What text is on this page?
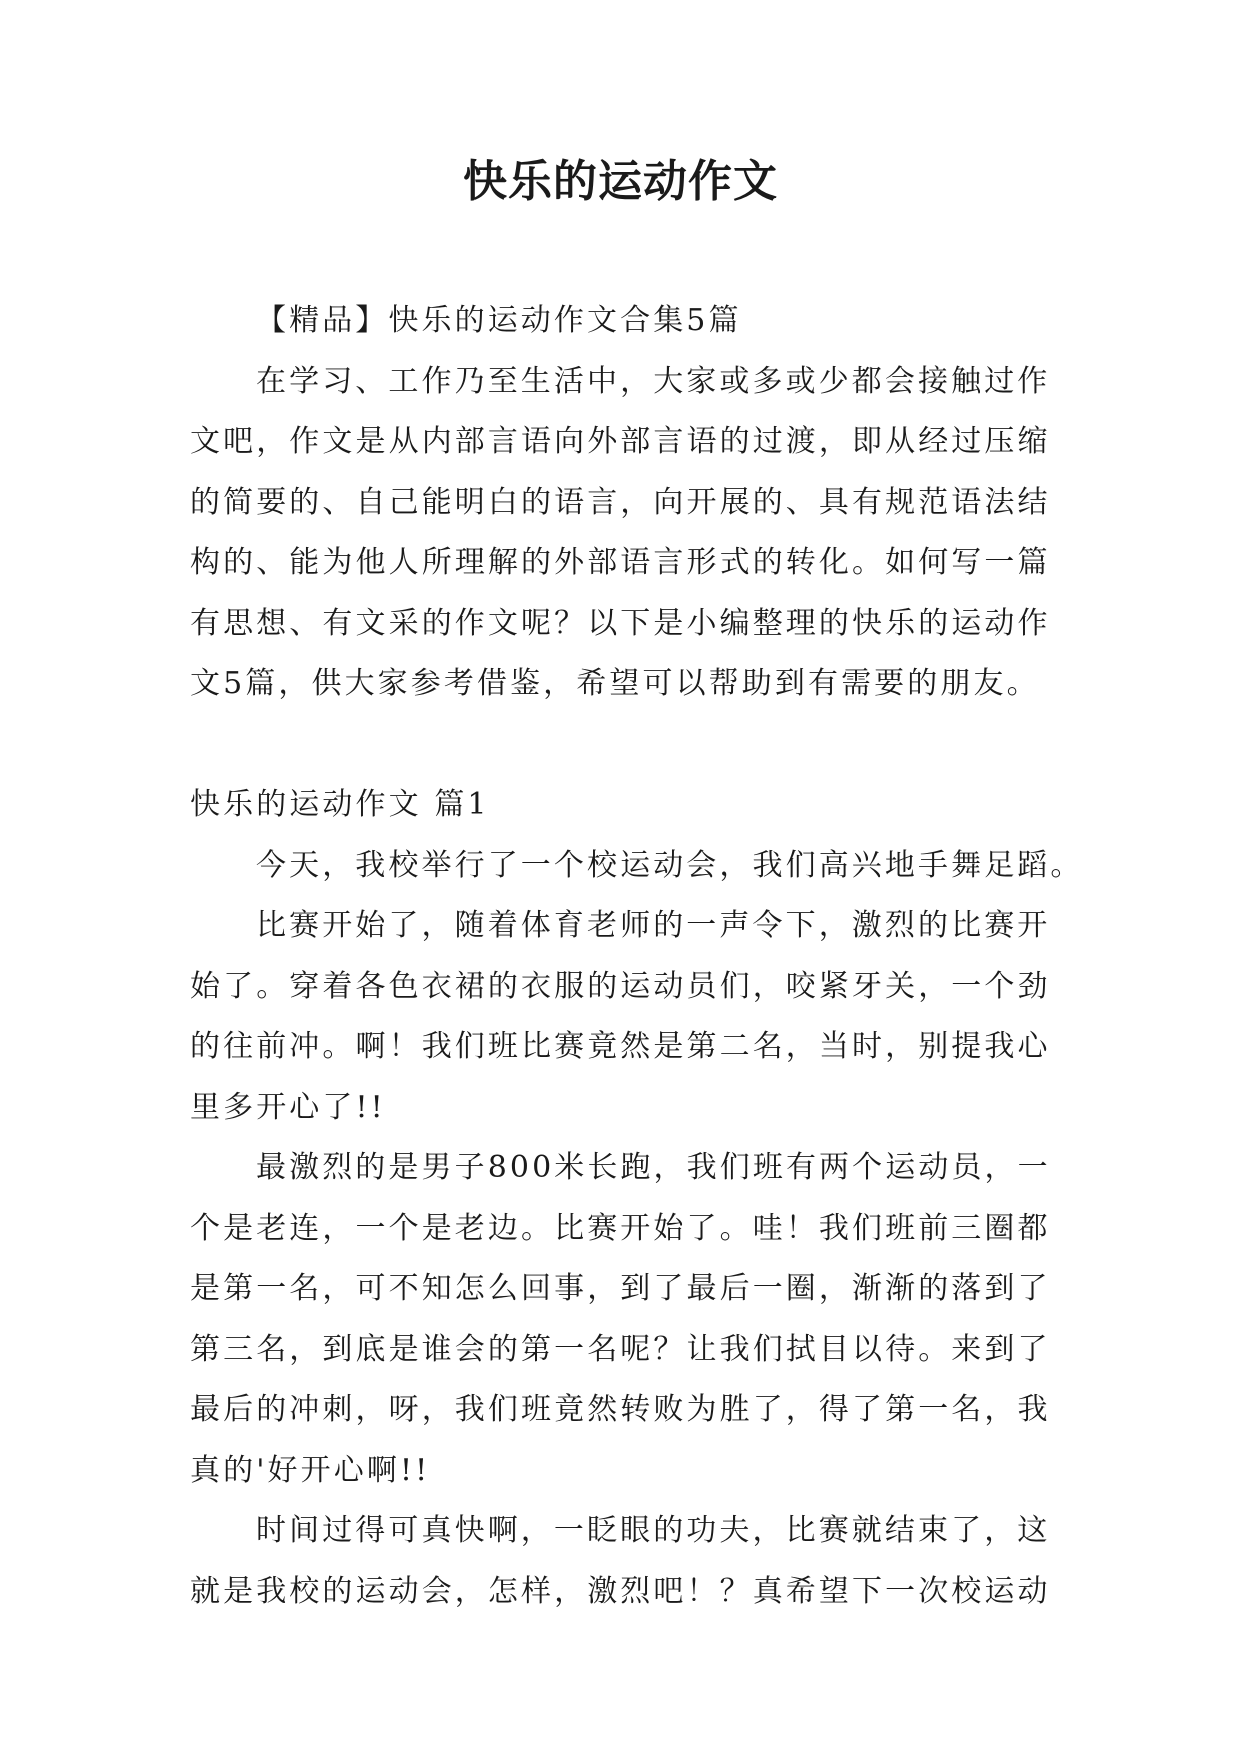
快乐的运动作文
【精品】快乐的运动作文合集5篇
在学习、工作乃至生活中，大家或多或少都会接触过作
文吧，作文是从内部言语向外部言语的过渡，即从经过压缩
的简要的、自己能明白的语言，向开展的、具有规范语法结
构的、能为他人所理解的外部语言形式的转化。如何写一篇
有思想、有文采的作文呢？以下是小编整理的快乐的运动作
文5篇，供大家参考借鉴，希望可以帮助到有需要的朋友。
快乐的运动作文 篇1
今天，我校举行了一个校运动会，我们高兴地手舞足蹈。
比赛开始了，随着体育老师的一声令下，激烈的比赛开
始了。穿着各色衣裙的衣服的运动员们，咬紧牙关，一个劲
的往前冲。啊！我们班比赛竟然是第二名，当时，别提我心
里多开心了!!
最激烈的是男子800米长跑，我们班有两个运动员，一
个是老连，一个是老边。比赛开始了。哇！我们班前三圈都
是第一名，可不知怎么回事，到了最后一圈，渐渐的落到了
第三名，到底是谁会的第一名呢？让我们拭目以待。来到了
最后的冲刺，呀，我们班竟然转败为胜了，得了第一名，我
真的'好开心啊!!
时间过得可真快啊，一眨眼的功夫，比赛就结束了，这
就是我校的运动会，怎样，激烈吧！？真希望下一次校运动
